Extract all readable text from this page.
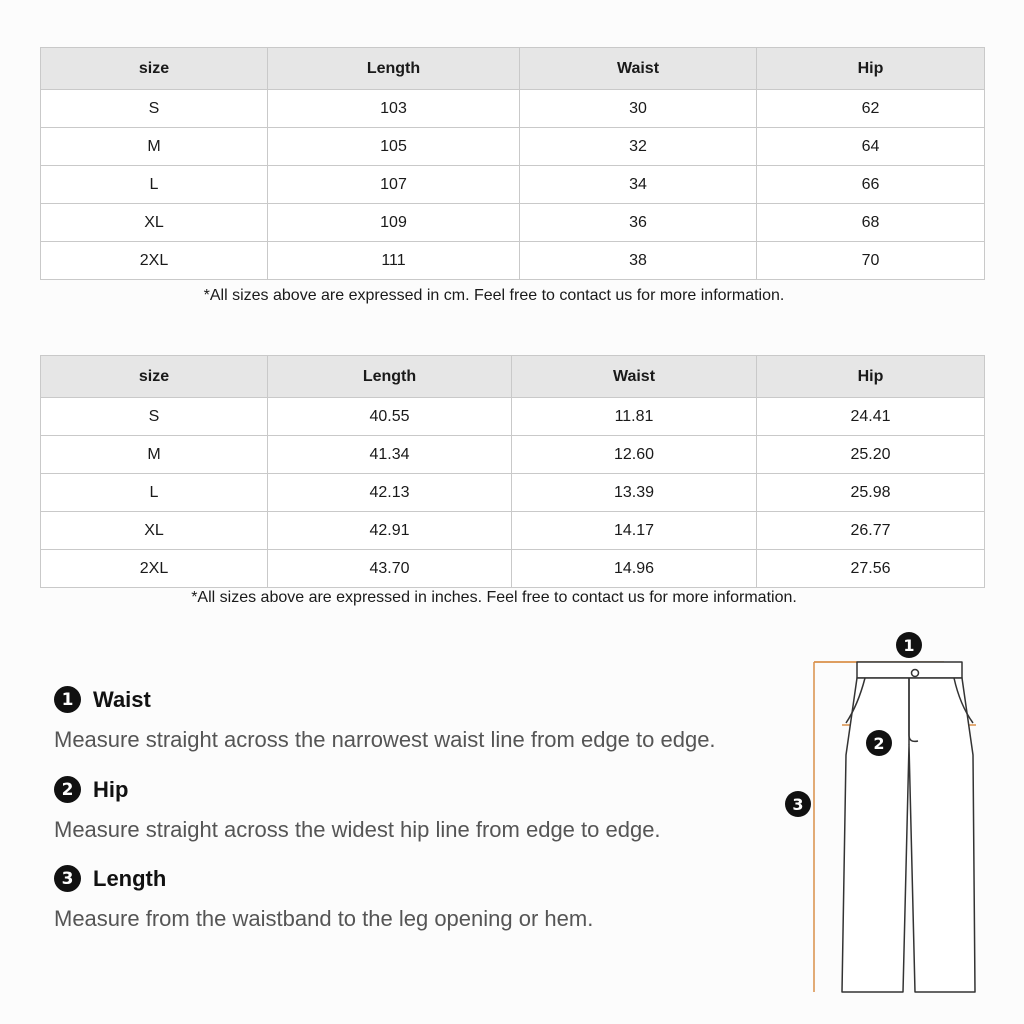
size	Length	Waist	Hip
S	103	30	62
M	105	32	64
L	107	34	66
XL	109	36	68
2XL	111	38	70
*All sizes above are expressed in cm. Feel free to contact us for more information.
size	Length	Waist	Hip
S	40.55	11.81	24.41
M	41.34	12.60	25.20
L	42.13	13.39	25.98
XL	42.91	14.17	26.77
2XL	43.70	14.96	27.56
*All sizes above are expressed in inches. Feel free to contact us for more information.
1 Waist
Measure straight across the narrowest waist line from edge to edge.
2 Hip
Measure straight across the widest hip line from edge to edge.
3 Length
Measure from the waistband to the leg opening or hem.
1
2
3
